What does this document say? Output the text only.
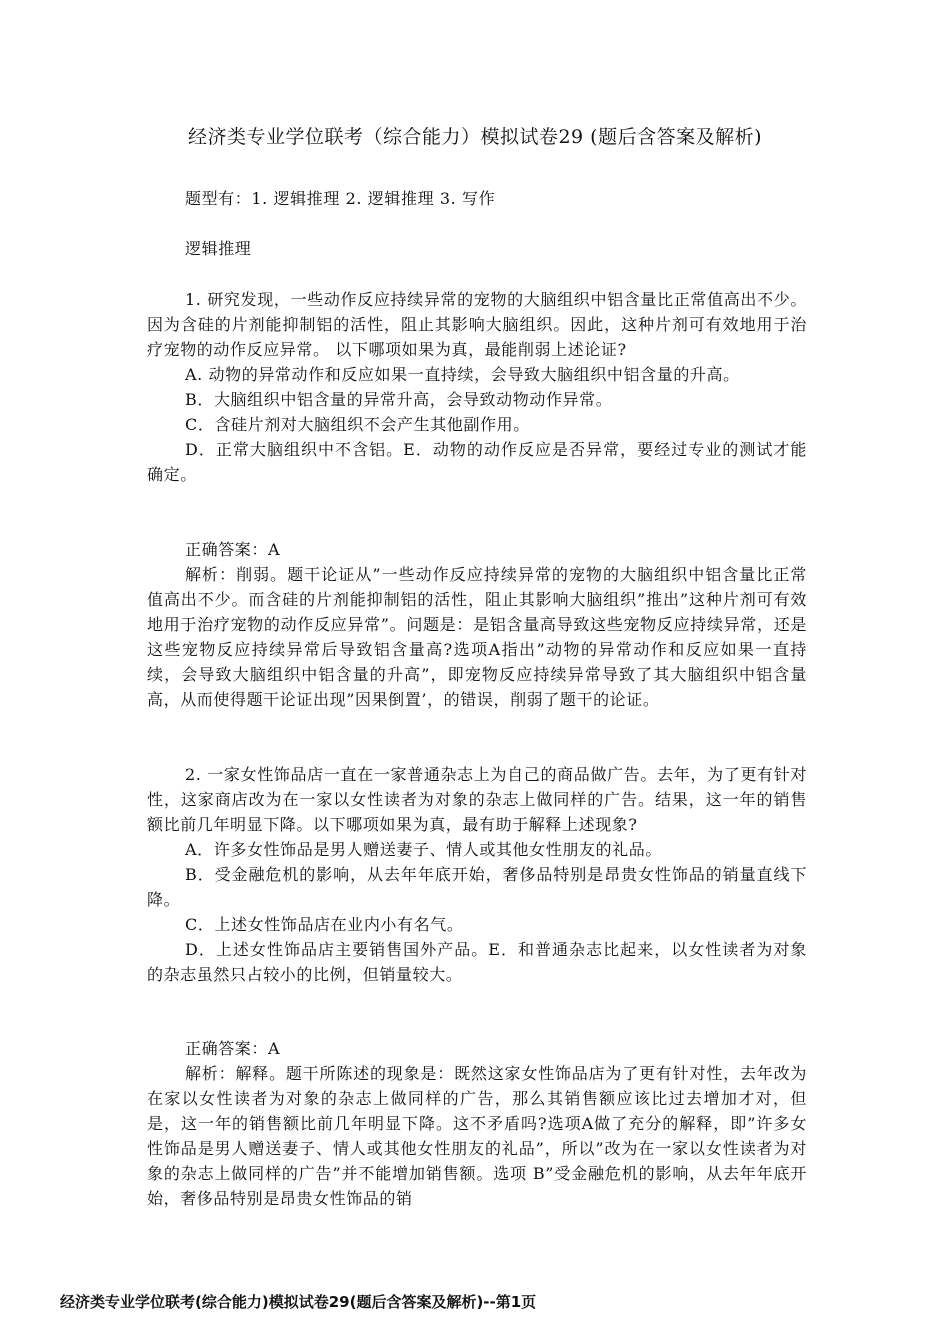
经济类专业学位联考（综合能力）模拟试卷29 (题后含答案及解析)

题型有：1. 逻辑推理 2. 逻辑推理 3. 写作

逻辑推理

1. 研究发现，一些动作反应持续异常的宠物的大脑组织中铝含量比正常值高出不少。因为含硅的片剂能抑制铝的活性，阻止其影响大脑组织。因此，这种片剂可有效地用于治疗宠物的动作反应异常。 以下哪项如果为真，最能削弱上述论证?

A. 动物的异常动作和反应如果一直持续，会导致大脑组织中铝含量的升高。

B．大脑组织中铝含量的异常升高，会导致动物动作异常。

C．含硅片剂对大脑组织不会产生其他副作用。

D．正常大脑组织中不含铝。E．动物的动作反应是否异常，要经过专业的测试才能确定。

正确答案：A

解析：削弱。题干论证从”一些动作反应持续异常的宠物的大脑组织中铝含量比正常值高出不少。而含硅的片剂能抑制铝的活性，阻止其影响大脑组织”推出”这种片剂可有效地用于治疗宠物的动作反应异常”。问题是：是铝含量高导致这些宠物反应持续异常，还是这些宠物反应持续异常后导致铝含量高?选项A指出”动物的异常动作和反应如果一直持续，会导致大脑组织中铝含量的升高”，即宠物反应持续异常导致了其大脑组织中铝含量高，从而使得题干论证出现”因果倒置’，的错误，削弱了题干的论证。

2. 一家女性饰品店一直在一家普通杂志上为自己的商品做广告。去年，为了更有针对性，这家商店改为在一家以女性读者为对象的杂志上做同样的广告。结果，这一年的销售额比前几年明显下降。以下哪项如果为真，最有助于解释上述现象?

A．许多女性饰品是男人赠送妻子、情人或其他女性朋友的礼品。

B．受金融危机的影响，从去年年底开始，奢侈品特别是昂贵女性饰品的销量直线下降。

C．上述女性饰品店在业内小有名气。

D．上述女性饰品店主要销售国外产品。E．和普通杂志比起来，以女性读者为对象的杂志虽然只占较小的比例，但销量较大。

正确答案：A

解析：解释。题干所陈述的现象是：既然这家女性饰品店为了更有针对性，去年改为在家以女性读者为对象的杂志上做同样的广告，那么其销售额应该比过去增加才对，但是，这一年的销售额比前几年明显下降。这不矛盾吗?选项A做了充分的解释，即”许多女性饰品是男人赠送妻子、情人或其他女性朋友的礼品”，所以”改为在一家以女性读者为对象的杂志上做同样的广告”并不能增加销售额。选项 B”受金融危机的影响，从去年年底开始，奢侈品特别是昂贵女性饰品的销

经济类专业学位联考(综合能力)模拟试卷29(题后含答案及解析)--第1页
